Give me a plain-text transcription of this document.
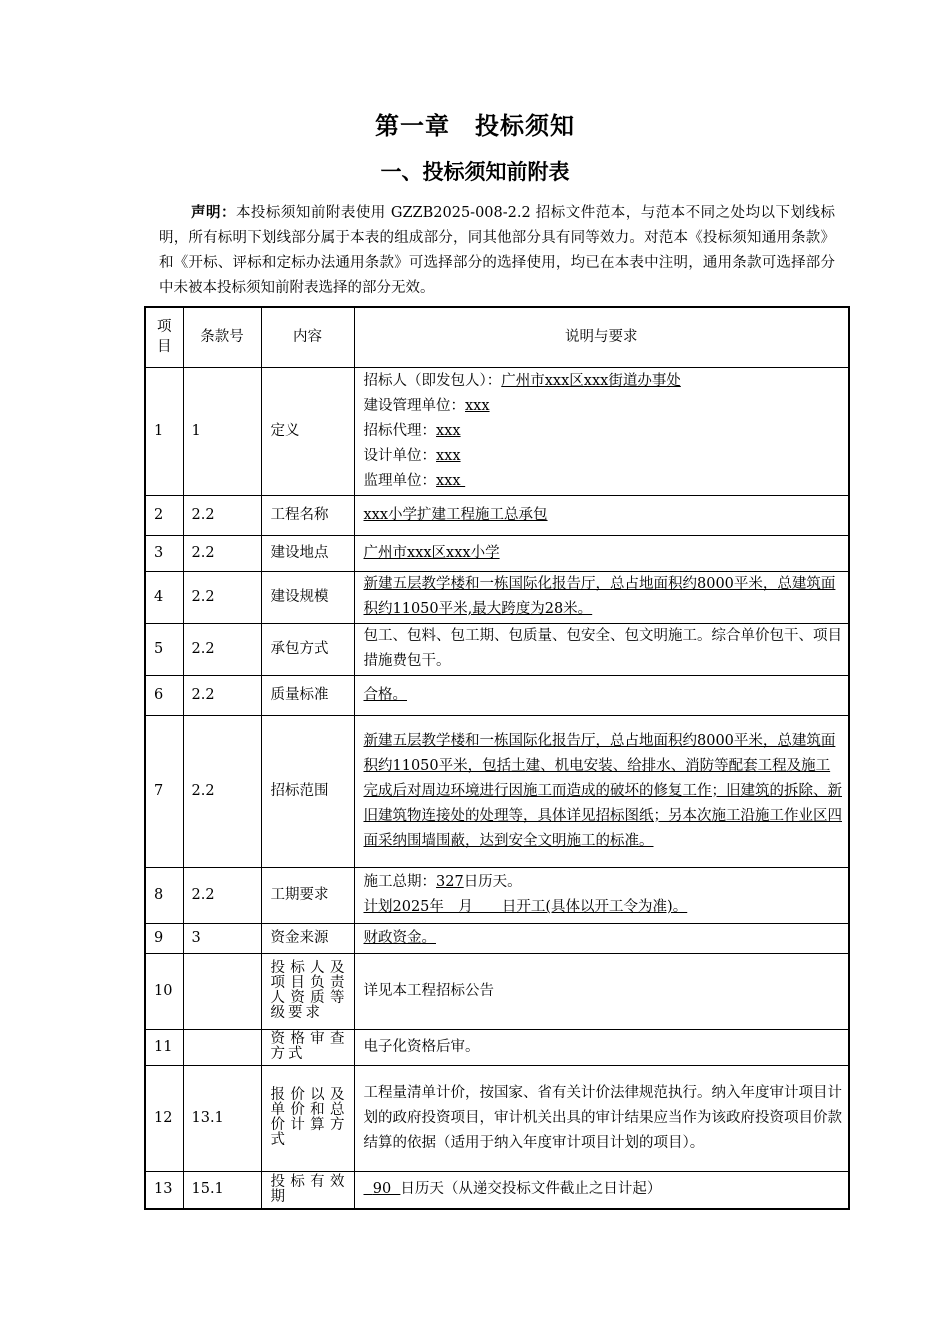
第一章　投标须知
一、投标须知前附表
声明：本投标须知前附表使用 GZZB2025-008-2.2 招标文件范本，与范本不同之处均以下划线标明，所有标明下划线部分属于本表的组成部分，同其他部分具有同等效力。对范本《投标须知通用条款》和《开标、评标和定标办法通用条款》可选择部分的选择使用，均已在本表中注明，通用条款可选择部分中未被本投标须知前附表选择的部分无效。
项目	条款号	内容	说明与要求
1	1	定义	招标人（即发包人）：广州市xxx区xxx街道办事处
建设管理单位：xxx
招标代理：xxx
设计单位：xxx
监理单位：xxx

2	2.2	工程名称	xxx小学扩建工程施工总承包
3	2.2	建设地点	广州市xxx区xxx小学
4	2.2	建设规模	新建五层教学楼和一栋国际化报告厅，总占地面积约8000平米，总建筑面积约11050平米,最大跨度为28米。
5	2.2	承包方式	包工、包料、包工期、包质量、包安全、包文明施工。综合单价包干、项目措施费包干。
6	2.2	质量标准	合格。
7	2.2	招标范围	新建五层教学楼和一栋国际化报告厅，总占地面积约8000平米，总建筑面积约11050平米，包括土建、机电安装、给排水、消防等配套工程及施工完成后对周边环境进行因施工而造成的破坏的修复工作；旧建筑的拆除、新旧建筑物连接处的处理等，具体详见招标图纸；另本次施工沿施工作业区四面采纳围墙围蔽，达到安全文明施工的标准。
8	2.2	工期要求	施工总期：327日历天。
计划2025年　月　　日开工(具体以开工令为准)。

9	3	资金来源	财政资金。
10		投标人及项目负责人资质等级要求	详见本工程招标公告
11		资格审查方式	电子化资格后审。
12	13.1	报价以及单价和总价计算方式	工程量清单计价，按国家、省有关计价法律规范执行。纳入年度审计项目计划的政府投资项目，审计机关出具的审计结果应当作为该政府投资项目价款结算的依据（适用于纳入年度审计项目计划的项目）。
13	15.1	投标有效期	90  日历天（从递交投标文件截止之日计起）
